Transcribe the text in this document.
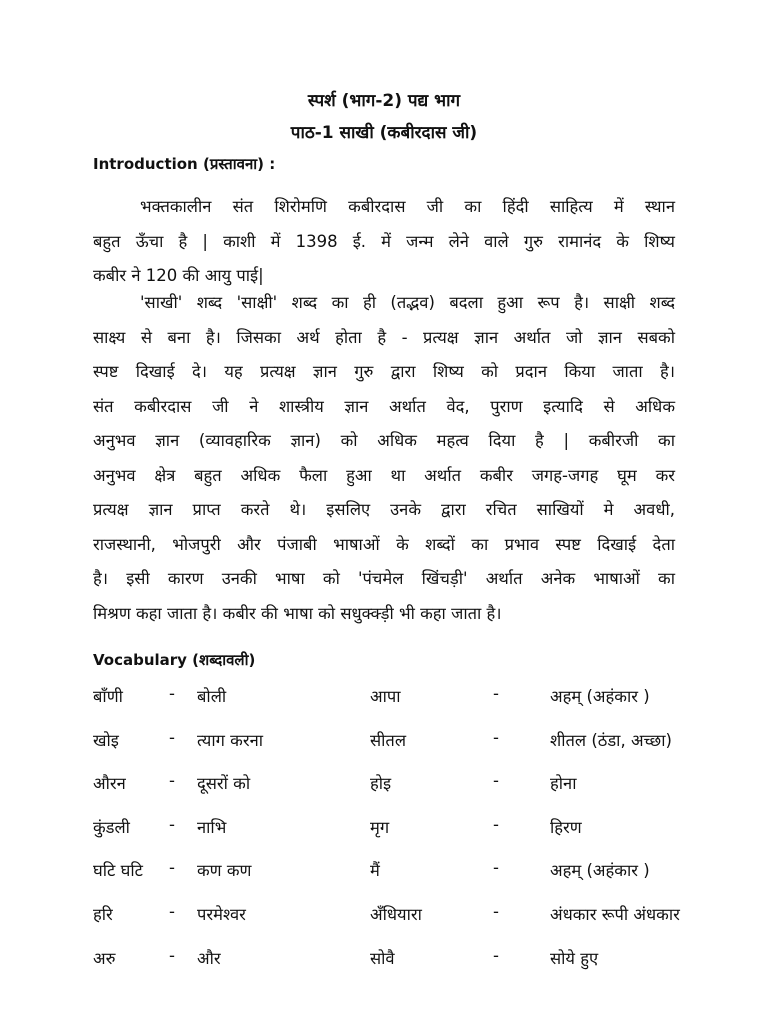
स्पर्श (भाग-2) पद्य भाग
पाठ-1 साखी (कबीरदास जी)
Introduction (प्रस्तावना) :
भक्तकालीन संत शिरोमणि कबीरदास जी का हिंदी साहित्य में स्थान
बहुत ऊँचा है | काशी में 1398 ई. में जन्म लेने वाले गुरु रामानंद के शिष्य
कबीर ने 120 की आयु पाई|
'साखी' शब्द 'साक्षी' शब्द का ही (तद्भव) बदला हुआ रूप है। साक्षी शब्द
साक्ष्य से बना है। जिसका अर्थ होता है - प्रत्यक्ष ज्ञान अर्थात जो ज्ञान सबको
स्पष्ट दिखाई दे। यह प्रत्यक्ष ज्ञान गुरु द्वारा शिष्य को प्रदान किया जाता है।
संत कबीरदास जी ने शास्त्रीय ज्ञान अर्थात वेद, पुराण इत्यादि से अधिक
अनुभव ज्ञान (व्यावहारिक ज्ञान) को अधिक महत्व दिया है | कबीरजी का
अनुभव क्षेत्र बहुत अधिक फैला हुआ था अर्थात कबीर जगह-जगह घूम कर
प्रत्यक्ष ज्ञान प्राप्त करते थे। इसलिए उनके द्वारा रचित साखियों मे अवधी,
राजस्थानी, भोजपुरी और पंजाबी भाषाओं के शब्दों का प्रभाव स्पष्ट दिखाई देता
है। इसी कारण उनकी भाषा को 'पंचमेल खिंचड़ी' अर्थात अनेक भाषाओं का
मिश्रण कहा जाता है। कबीर की भाषा को सधुक्क्ड़ी भी कहा जाता है।
Vocabulary (शब्दावली)
बाँणी	- बोली	आपा	-	अहम् (अहंकार )
खोइ	- त्याग करना	सीतल	-	शीतल (ठंडा, अच्छा)
औरन	- दूसरों को	होइ	-	होना
कुंडली - नाभि	मृग	-	हिरण
घटि घटि - कण कण	मैं	-	अहम् (अहंकार )
हरि	- परमेश्वर	अँधियारा	-	अंधकार रूपी अंधकार
अरु	- और	सोवै	-	सोये हुए
